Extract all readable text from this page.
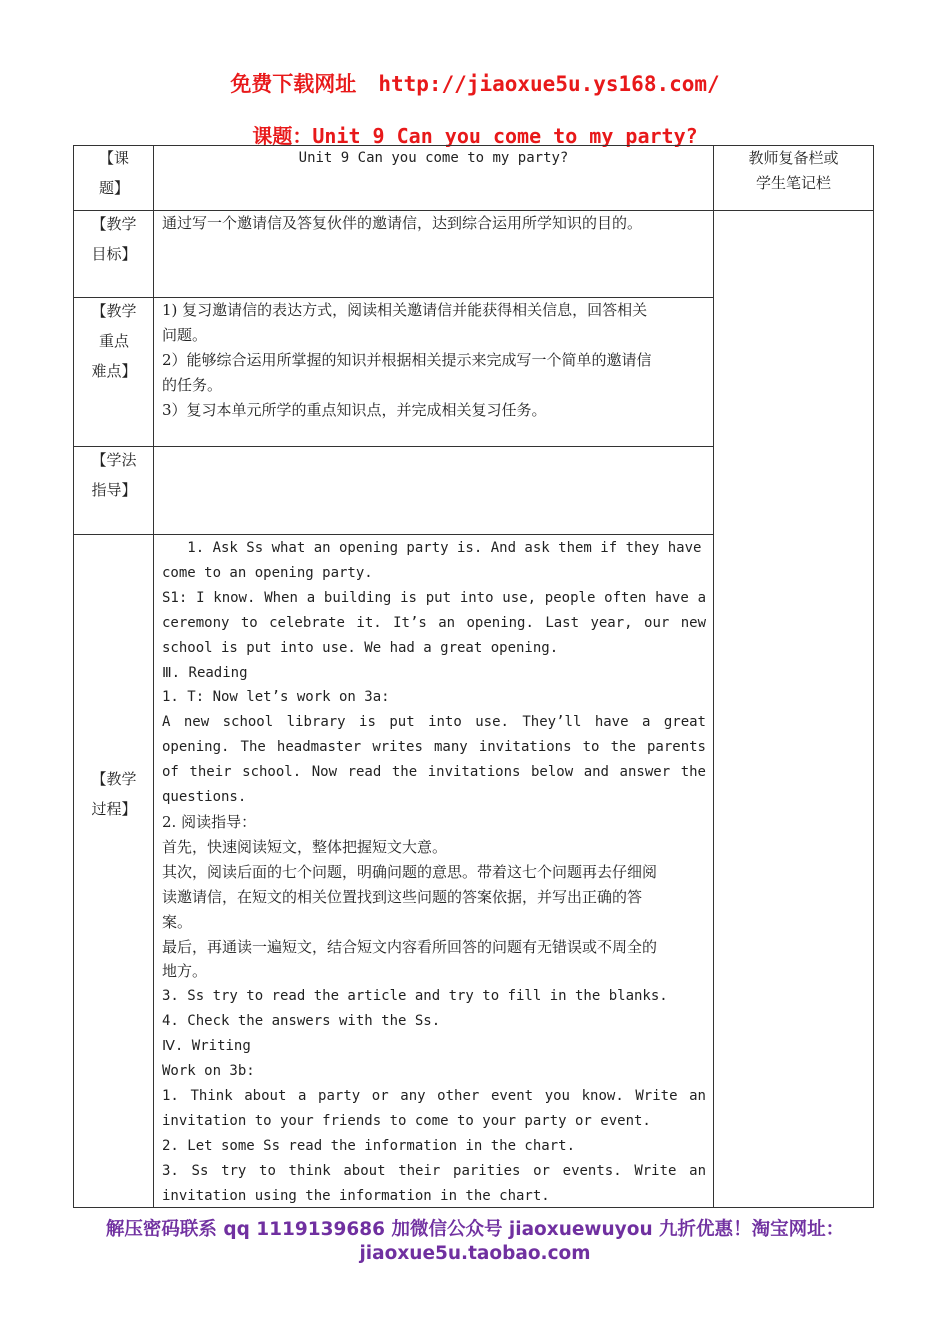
免费下载网址 http://jiaoxue5u.ys168.com/
课题：Unit 9 Can you come to my party?
教师复备栏或
学生笔记栏
【课
题】
Unit 9 Can you come to my party?
【教学
目标】
通过写一个邀请信及答复伙伴的邀请信，达到综合运用所学知识的目的。
【教学
重点
难点】
1) 复习邀请信的表达方式，阅读相关邀请信并能获得相关信息，回答相关
问题。
2）能够综合运用所掌握的知识并根据相关提示来完成写一个简单的邀请信
的任务。
3）复习本单元所学的重点知识点，并完成相关复习任务。
【学法
指导】
【教学
过程】

1. Ask Ss what an opening party is. And ask them if they have

come to an opening party.

S1: I know. When a building is put into use, people often have a

ceremony to celebrate it. It’s an opening. Last year, our new

school is put into use. We had a great opening.

Ⅲ. Reading

1. T: Now let’s work on 3a:

A new school library is put into use. They’ll have a great

opening. The headmaster writes many invitations to the parents

of their school. Now read the invitations below and answer the

questions.

2. 阅读指导：

首先，快速阅读短文，整体把握短文大意。

其次，阅读后面的七个问题，明确问题的意思。带着这七个问题再去仔细阅

读邀请信，在短文的相关位置找到这些问题的答案依据，并写出正确的答

案。

最后，再通读一遍短文，结合短文内容看所回答的问题有无错误或不周全的

地方。

3. Ss try to read the article and try to fill in the blanks.

4. Check the answers with the Ss.

Ⅳ. Writing

Work on 3b:

1. Think about a party or any other event you know. Write an

invitation to your friends to come to your party or event.

2. Let some Ss read the information in the chart.

3. Ss try to think about their parities or events. Write an

invitation using the information in the chart.

解压密码联系 qq 1119139686 加微信公众号 jiaoxuewuyou 九折优惠！淘宝网址：
jiaoxue5u.taobao.com
